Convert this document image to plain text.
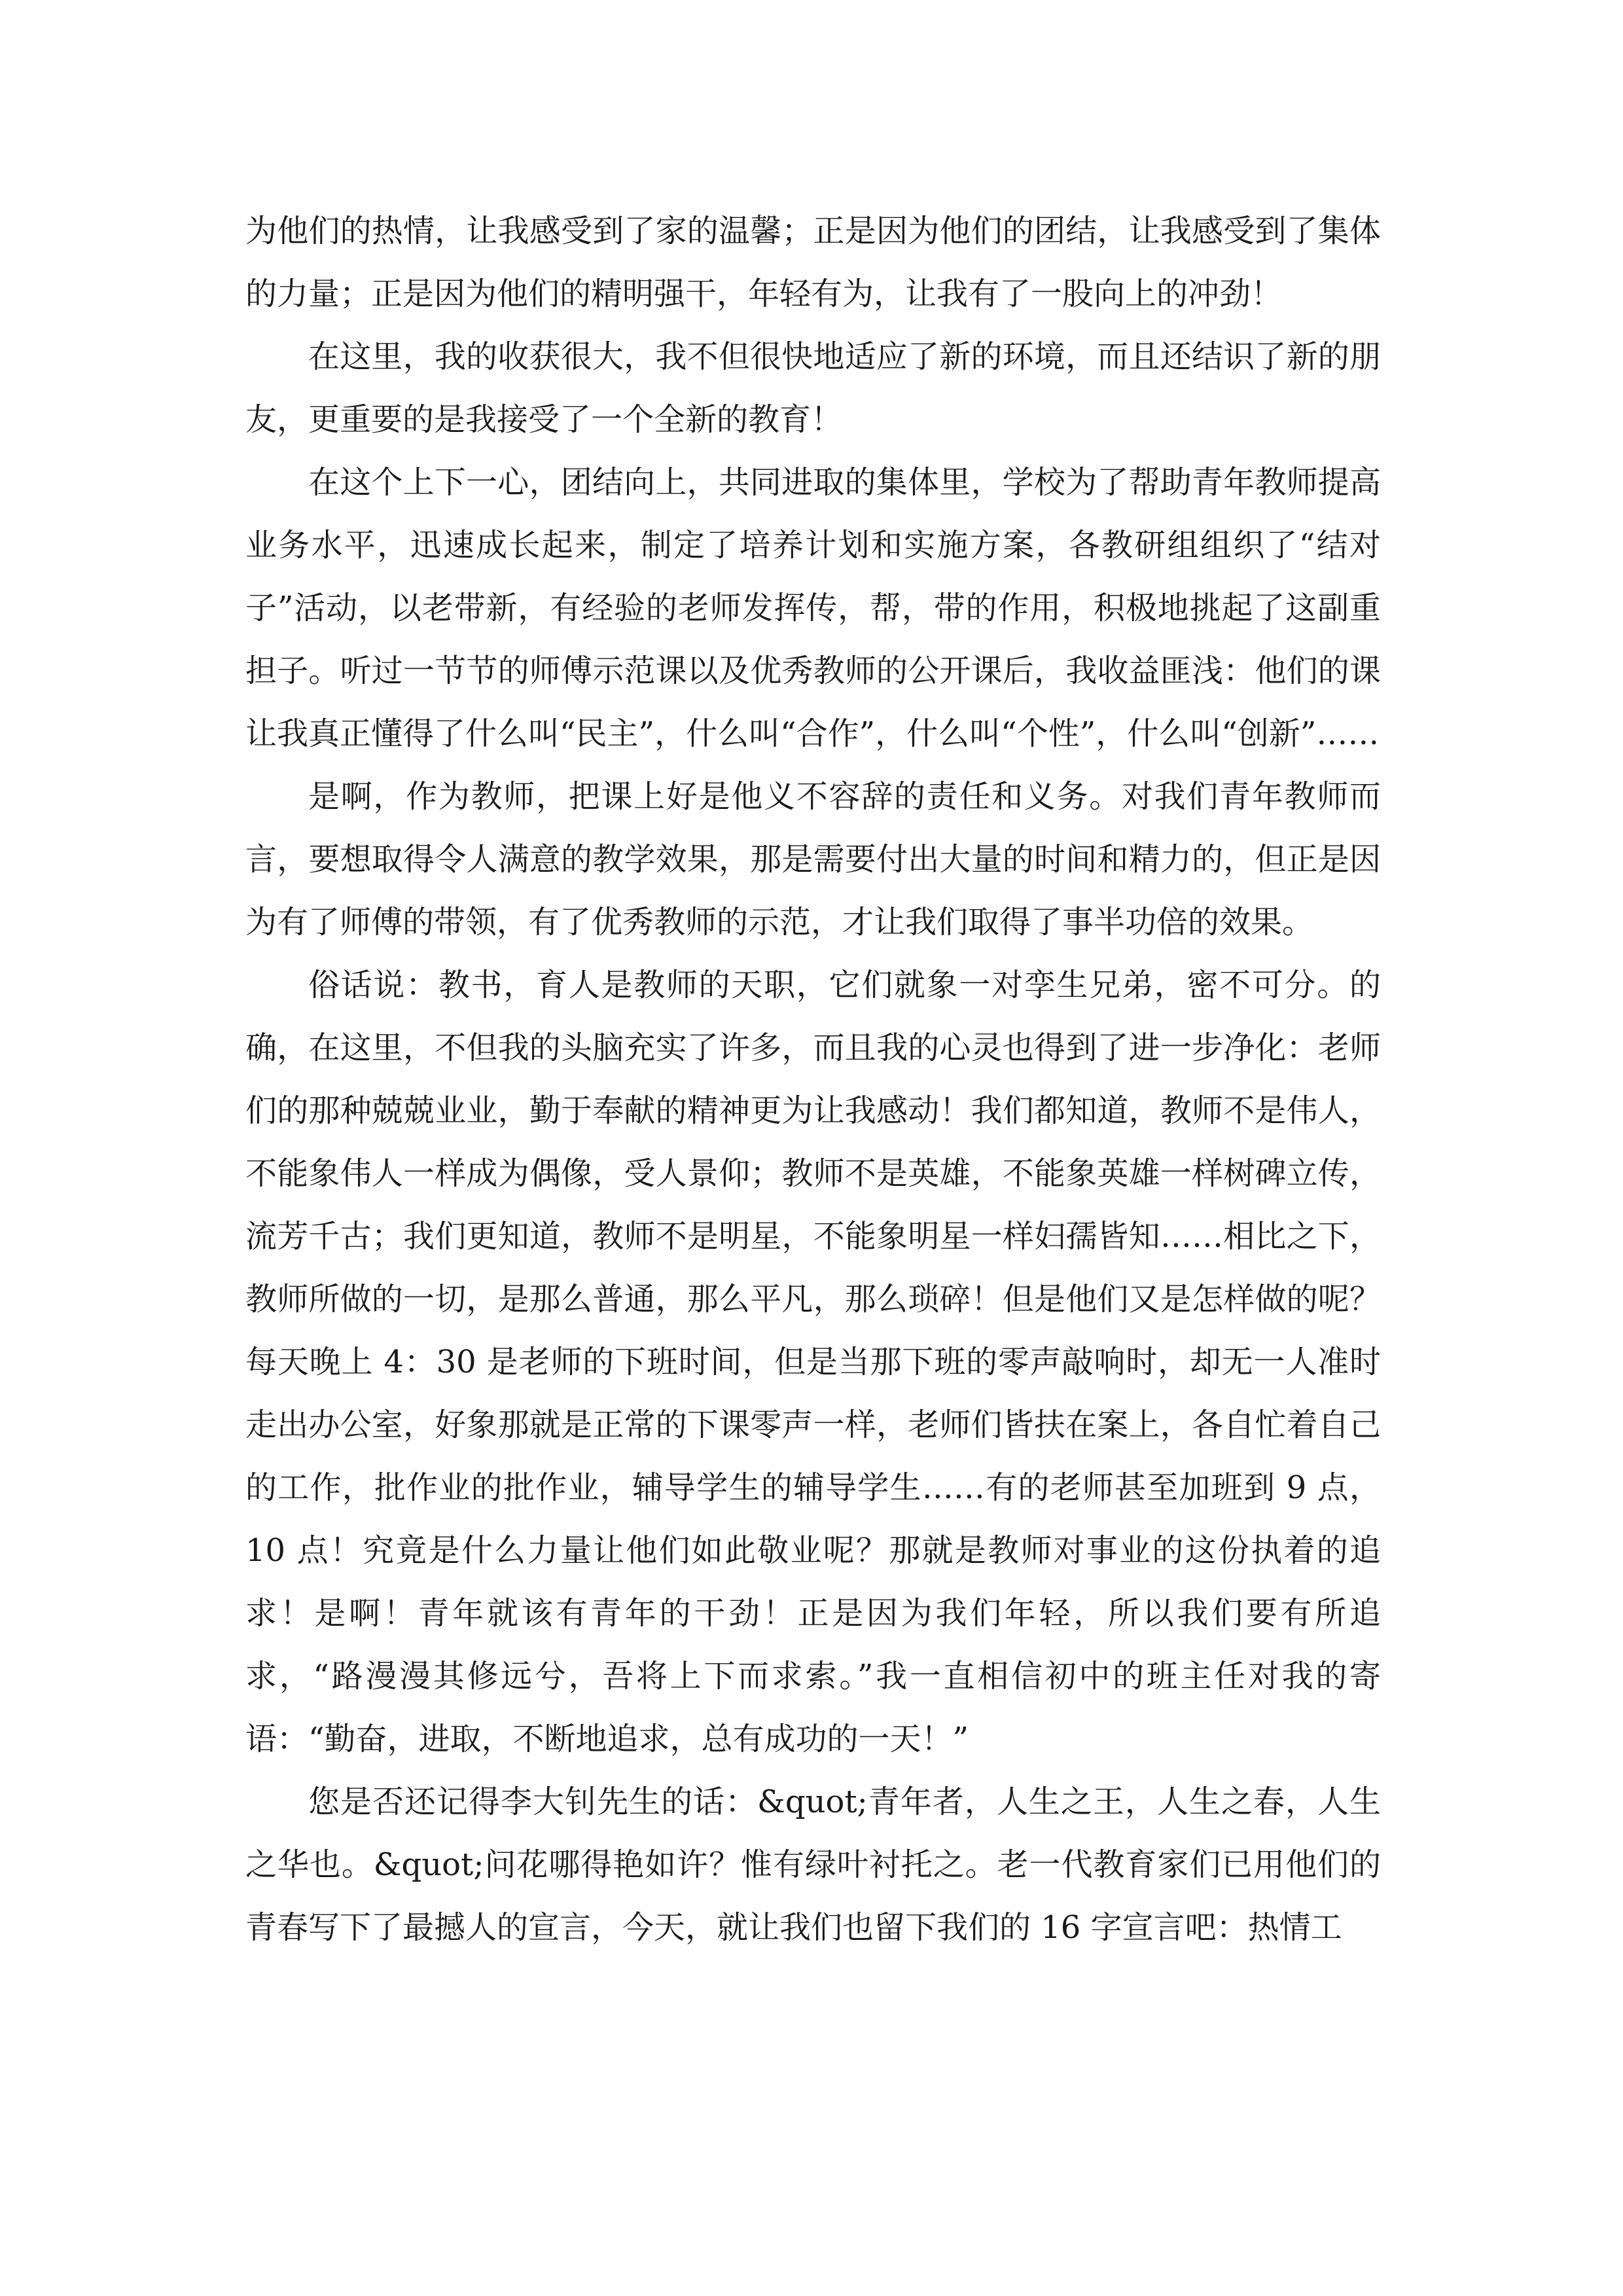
为他们的热情，让我感受到了家的温馨；正是因为他们的团结，让我感受到了集体的力量；正是因为他们的精明强干，年轻有为，让我有了一股向上的冲劲！

在这里，我的收获很大，我不但很快地适应了新的环境，而且还结识了新的朋友，更重要的是我接受了一个全新的教育！

在这个上下一心，团结向上，共同进取的集体里，学校为了帮助青年教师提高业务水平，迅速成长起来，制定了培养计划和实施方案，各教研组组织了“结对子”活动，以老带新，有经验的老师发挥传，帮，带的作用，积极地挑起了这副重担子。听过一节节的师傅示范课以及优秀教师的公开课后，我收益匪浅：他们的课让我真正懂得了什么叫“民主”，什么叫“合作”，什么叫“个性”，什么叫“创新”……

是啊，作为教师，把课上好是他义不容辞的责任和义务。对我们青年教师而言，要想取得令人满意的教学效果，那是需要付出大量的时间和精力的，但正是因为有了师傅的带领，有了优秀教师的示范，才让我们取得了事半功倍的效果。

俗话说：教书，育人是教师的天职，它们就象一对孪生兄弟，密不可分。的确，在这里，不但我的头脑充实了许多，而且我的心灵也得到了进一步净化：老师们的那种兢兢业业，勤于奉献的精神更为让我感动！我们都知道，教师不是伟人，不能象伟人一样成为偶像，受人景仰；教师不是英雄，不能象英雄一样树碑立传，流芳千古；我们更知道，教师不是明星，不能象明星一样妇孺皆知……相比之下，教师所做的一切，是那么普通，那么平凡，那么琐碎！但是他们又是怎样做的呢？每天晚上 4：30 是老师的下班时间，但是当那下班的零声敲响时，却无一人准时走出办公室，好象那就是正常的下课零声一样，老师们皆扶在案上，各自忙着自己的工作，批作业的批作业，辅导学生的辅导学生……有的老师甚至加班到 9 点，10 点！究竟是什么力量让他们如此敬业呢？那就是教师对事业的这份执着的追求！是啊！青年就该有青年的干劲！正是因为我们年轻，所以我们要有所追求，“路漫漫其修远兮，吾将上下而求索。”我一直相信初中的班主任对我的寄语：“勤奋，进取，不断地追求，总有成功的一天！”

您是否还记得李大钊先生的话：&quot;青年者，人生之王，人生之春，人生之华也。&quot;问花哪得艳如许？惟有绿叶衬托之。老一代教育家们已用他们的青春写下了最撼人的宣言，今天，就让我们也留下我们的 16 字宣言吧：热情工
